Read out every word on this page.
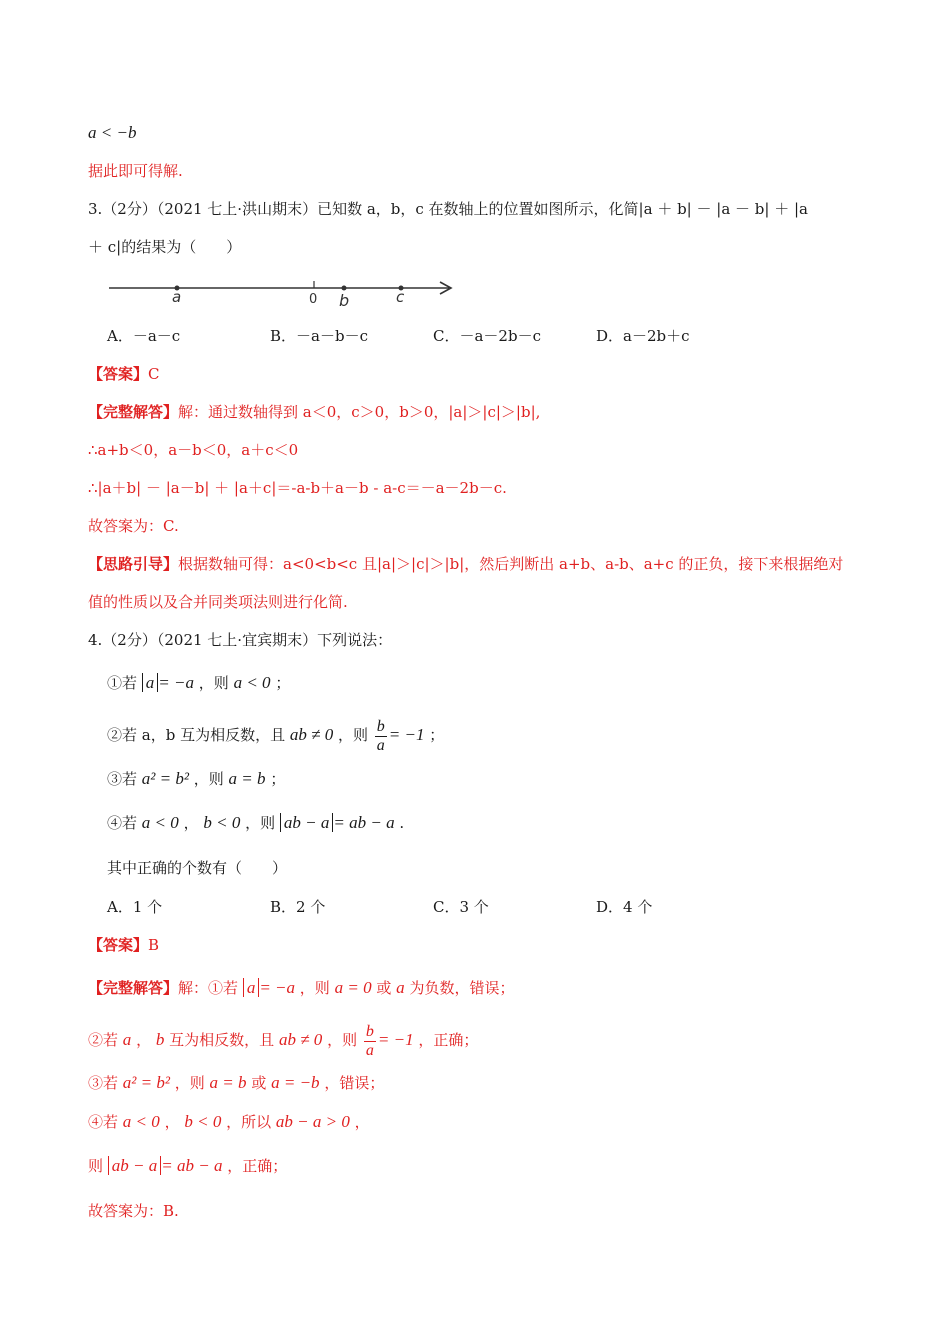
a < −b
据此即可得解.
3.（2分）（2021 七上·洪山期末）已知数 a，b，c 在数轴上的位置如图所示，化简|a ＋ b| － |a － b| ＋ |a
＋ c|的结果为（　　）
a	0 b	c
A．－a－c	B．－a－b－c	C．－a－2b－c	D．a－2b＋c
【答案】C
【完整解答】解：通过数轴得到 a＜0，c＞0，b＞0，|a|＞|c|＞|b|,
∴a+b＜0，a－b＜0，a＋c＜0
∴|a＋b| － |a－b| ＋ |a＋c|＝-a-b＋a－b - a-c＝－a－2b－c.
故答案为：C.
【思路引导】根据数轴可得：a<0<b<c 且|a|＞|c|＞|b|，然后判断出 a+b、a-b、a+c 的正负，接下来根据绝对
值的性质以及合并同类项法则进行化简.
4.（2分）（2021 七上·宜宾期末）下列说法：
①若 a = −a ，则 a < 0 ；
②若 a，b 互为相反数，且 ab ≠ 0 ，则 $\frac{b}{a} = -1$ ；
③若 a² = b² ，则 a = b ；
④若 a < 0 ， b < 0 ，则 ab − a = ab − a .
其中正确的个数有（　　）
A．1 个	B．2 个	C．3 个	D．4 个
【答案】B
【完整解答】解：①若 a = −a ，则 a = 0 或 a 为负数，错误；
②若 a ， b 互为相反数，且 ab ≠ 0 ，则 $\frac{b}{a} = -1$ ，正确；
③若 a² = b² ，则 a = b 或 a = −b ，错误；
④若 a < 0 ， b < 0 ，所以 ab − a > 0 ，
则 ab − a = ab − a ，正确；
故答案为：B.
